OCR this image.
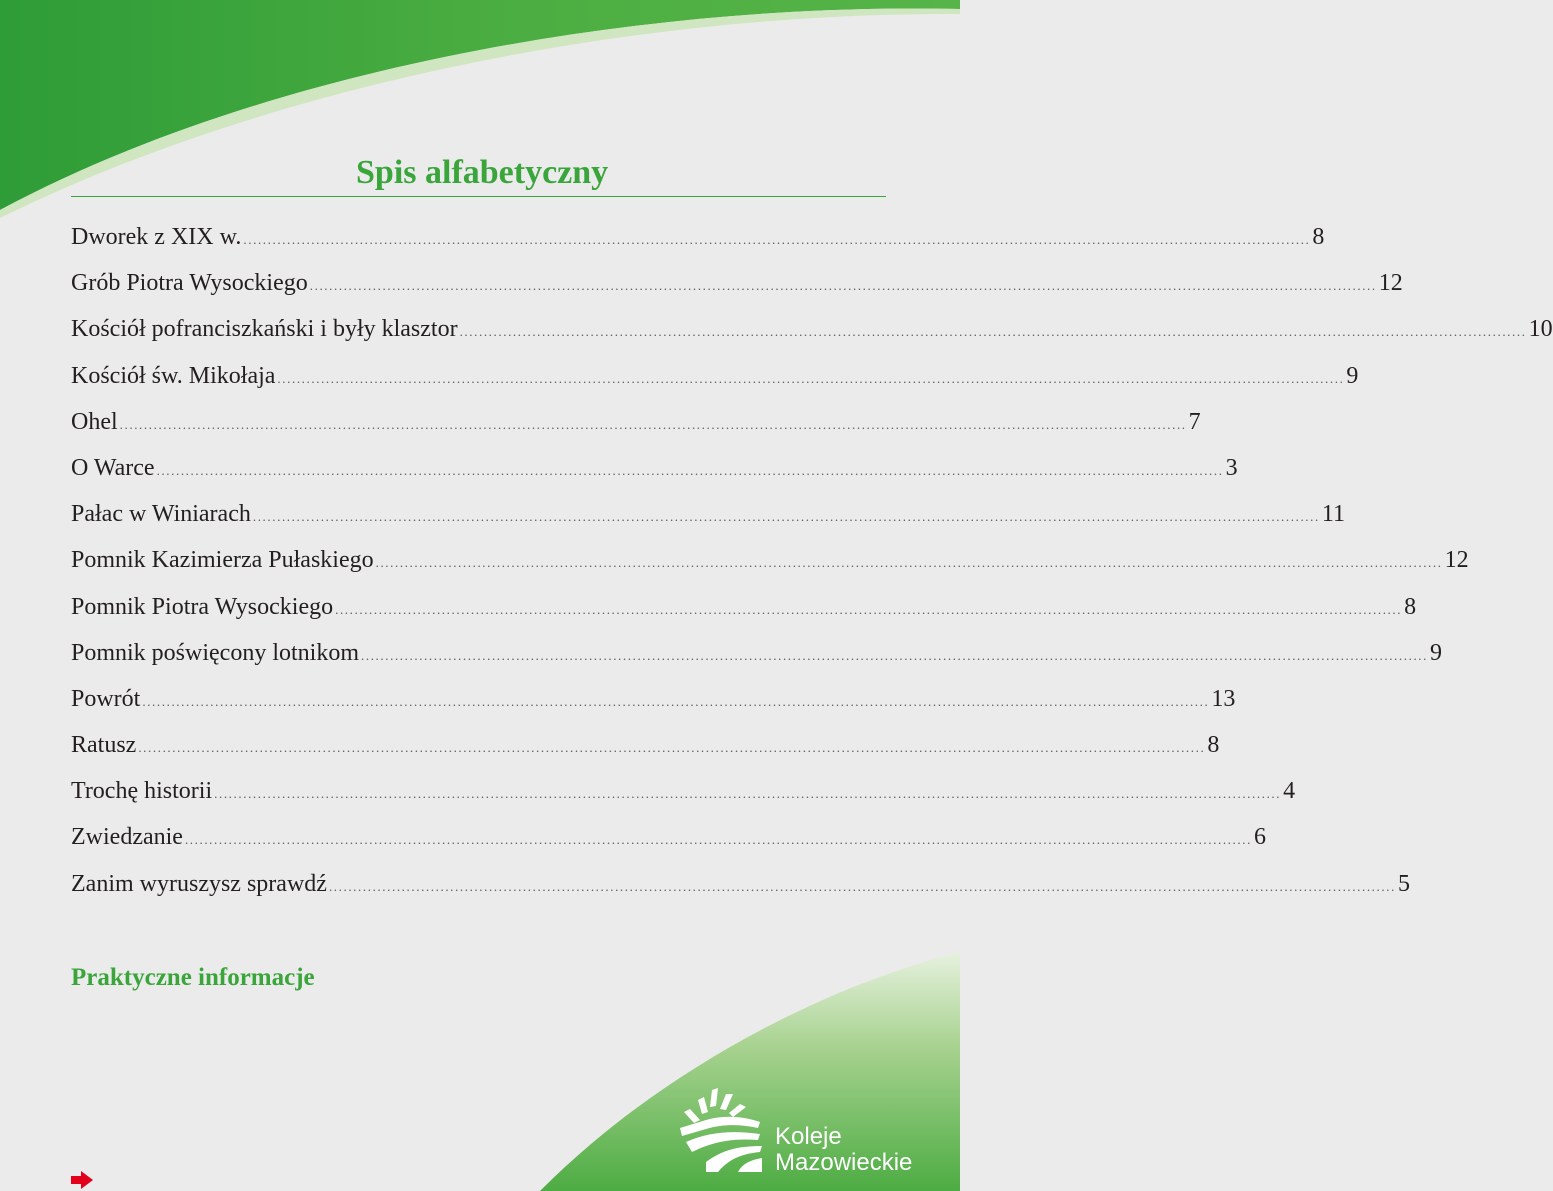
Spis alfabetyczny
Dworek z XIX w. ............................................................................................................................................................................................................................ 8
Grób Piotra Wysockiego ............................................................................................................................................................................................................................ 12
Kościół pofranciszkański i były klasztor ............................................................................................................................................................................................................................ 10
Kościół św. Mikołaja ............................................................................................................................................................................................................................ 9
Ohel ............................................................................................................................................................................................................................ 7
O Warce ............................................................................................................................................................................................................................ 3
Pałac w Winiarach ............................................................................................................................................................................................................................ 11
Pomnik Kazimierza Pułaskiego ............................................................................................................................................................................................................................ 12
Pomnik Piotra Wysockiego ............................................................................................................................................................................................................................ 8
Pomnik poświęcony lotnikom ............................................................................................................................................................................................................................ 9
Powrót ............................................................................................................................................................................................................................ 13
Ratusz ............................................................................................................................................................................................................................ 8
Trochę historii ............................................................................................................................................................................................................................ 4
Zwiedzanie ............................................................................................................................................................................................................................ 6
Zanim wyruszysz sprawdź ............................................................................................................................................................................................................................ 5
Praktyczne informacje
Koleje
Mazowieckie
